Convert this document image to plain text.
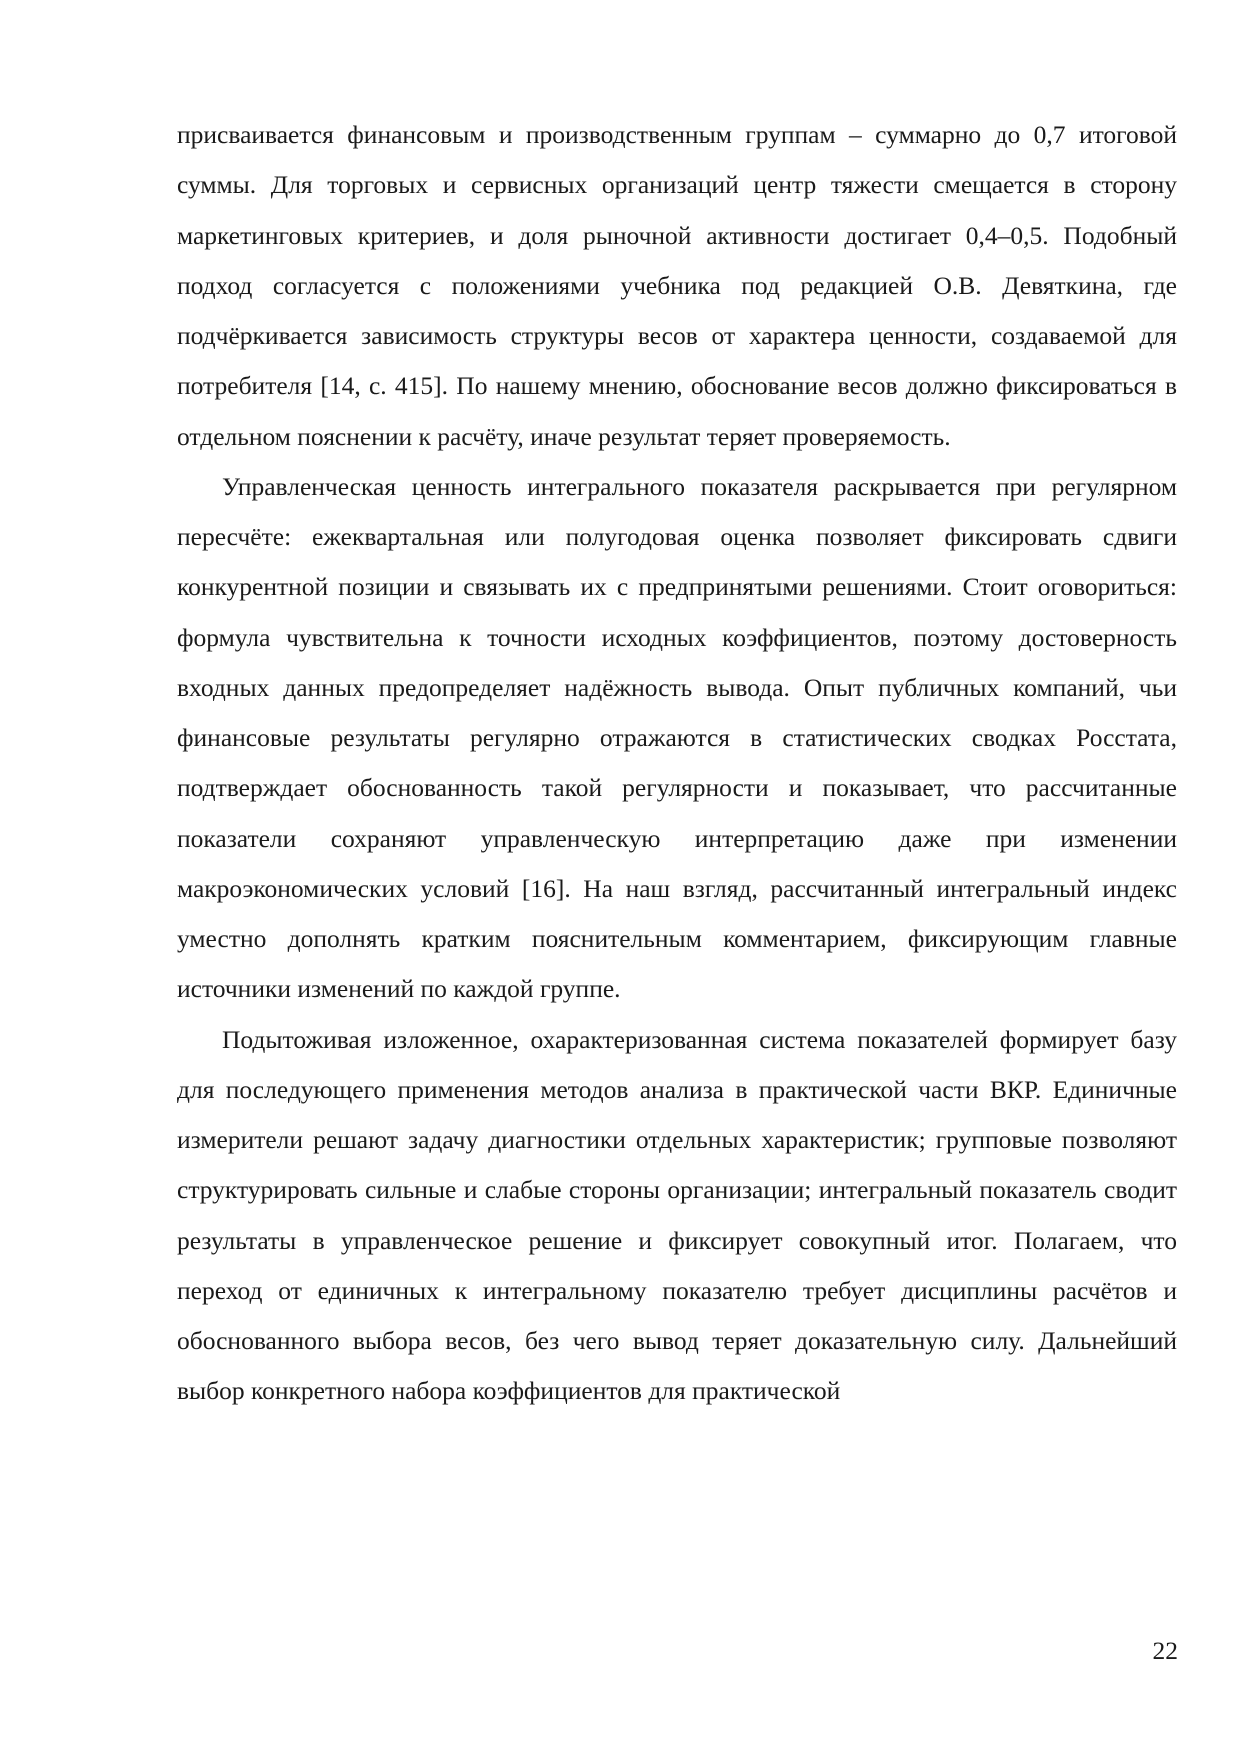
присваивается финансовым и производственным группам – суммарно до 0,7 итоговой суммы. Для торговых и сервисных организаций центр тяжести смещается в сторону маркетинговых критериев, и доля рыночной активности достигает 0,4–0,5. Подобный подход согласуется с положениями учебника под редакцией О.В. Девяткина, где подчёркивается зависимость структуры весов от характера ценности, создаваемой для потребителя [14, с. 415]. По нашему мнению, обоснование весов должно фиксироваться в отдельном пояснении к расчёту, иначе результат теряет проверяемость.

Управленческая ценность интегрального показателя раскрывается при регулярном пересчёте: ежеквартальная или полугодовая оценка позволяет фиксировать сдвиги конкурентной позиции и связывать их с предпринятыми решениями. Стоит оговориться: формула чувствительна к точности исходных коэффициентов, поэтому достоверность входных данных предопределяет надёжность вывода. Опыт публичных компаний, чьи финансовые результаты регулярно отражаются в статистических сводках Росстата, подтверждает обоснованность такой регулярности и показывает, что рассчитанные показатели сохраняют управленческую интерпретацию даже при изменении макроэкономических условий [16]. На наш взгляд, рассчитанный интегральный индекс уместно дополнять кратким пояснительным комментарием, фиксирующим главные источники изменений по каждой группе.

Подытоживая изложенное, охарактеризованная система показателей формирует базу для последующего применения методов анализа в практической части ВКР. Единичные измерители решают задачу диагностики отдельных характеристик; групповые позволяют структурировать сильные и слабые стороны организации; интегральный показатель сводит результаты в управленческое решение и фиксирует совокупный итог. Полагаем, что переход от единичных к интегральному показателю требует дисциплины расчётов и обоснованного выбора весов, без чего вывод теряет доказательную силу. Дальнейший выбор конкретного набора коэффициентов для практической

22
